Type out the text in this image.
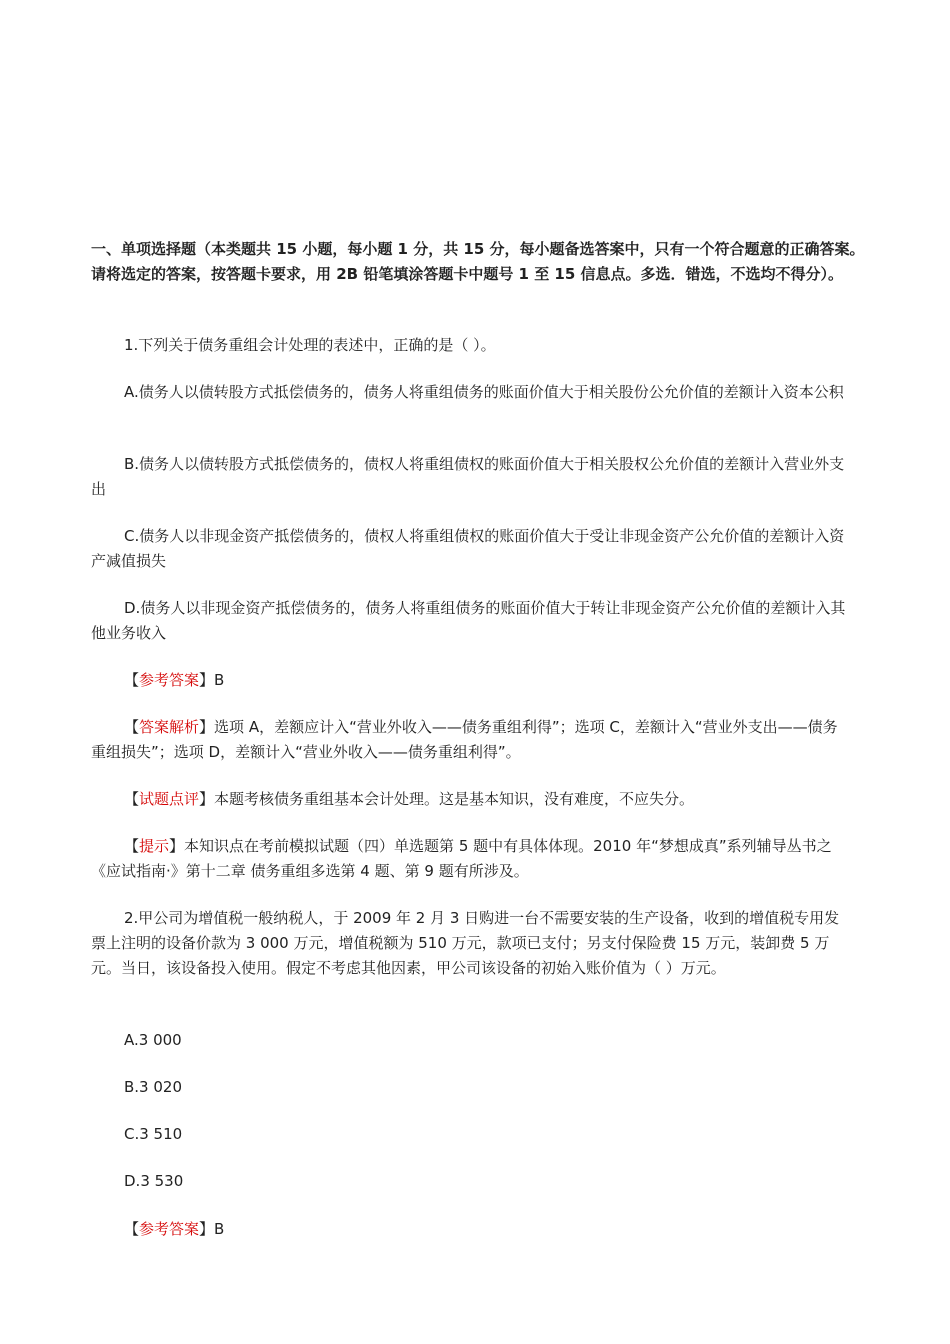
一、单项选择题（本类题共 15 小题，每小题 1 分，共 15 分，每小题备选答案中，只有一个符合题意的正确答案。请将选定的答案，按答题卡要求，用 2B 铅笔填涂答题卡中题号 1 至 15 信息点。多选．错选，不选均不得分）。
1.下列关于债务重组会计处理的表述中，正确的是（ ）。
A.债务人以债转股方式抵偿债务的，债务人将重组债务的账面价值大于相关股份公允价值的差额计入资本公积
B.债务人以债转股方式抵偿债务的，债权人将重组债权的账面价值大于相关股权公允价值的差额计入营业外支出
C.债务人以非现金资产抵偿债务的，债权人将重组债权的账面价值大于受让非现金资产公允价值的差额计入资产减值损失
D.债务人以非现金资产抵偿债务的，债务人将重组债务的账面价值大于转让非现金资产公允价值的差额计入其他业务收入
【参考答案】B
【答案解析】选项 A，差额应计入“营业外收入——债务重组利得”；选项 C，差额计入“营业外支出——债务重组损失”；选项 D，差额计入“营业外收入——债务重组利得”。
【试题点评】本题考核债务重组基本会计处理。这是基本知识，没有难度，不应失分。
【提示】本知识点在考前模拟试题（四）单选题第 5 题中有具体体现。2010 年“梦想成真”系列辅导丛书之《应试指南·》第十二章 债务重组多选第 4 题、第 9 题有所涉及。
2.甲公司为增值税一般纳税人，于 2009 年 2 月 3 日购进一台不需要安装的生产设备，收到的增值税专用发票上注明的设备价款为 3 000 万元，增值税额为 510 万元，款项已支付；另支付保险费 15 万元，装卸费 5 万元。当日，该设备投入使用。假定不考虑其他因素，甲公司该设备的初始入账价值为（ ）万元。
A.3 000
B.3 020
C.3 510
D.3 530
【参考答案】B
